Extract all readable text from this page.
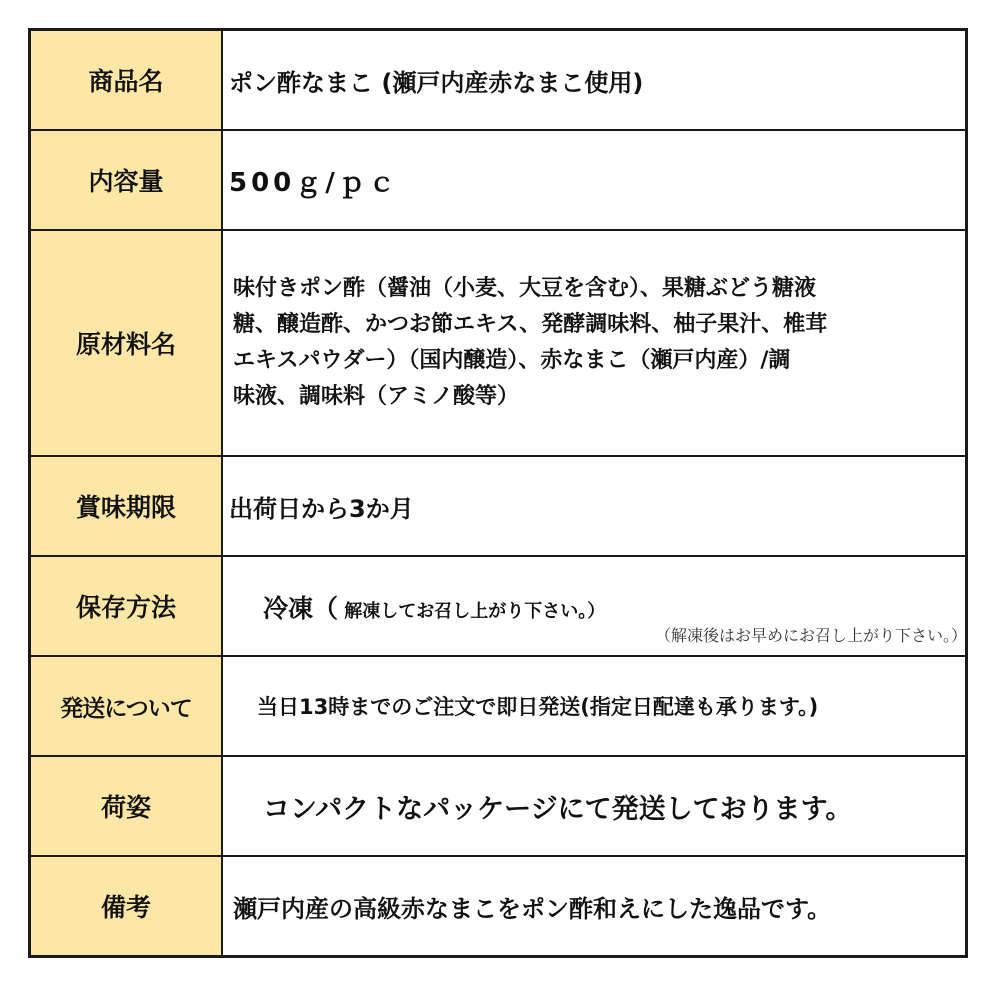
商品名	ポン酢なまこ (瀬戸内産赤なまこ使用)
内容量	500ｇ/ｐｃ
原材料名	味付きポン酢（醤油（小麦、大豆を含む）、果糖ぶどう糖液
糖、醸造酢、かつお節エキス、発酵調味料、柚子果汁、椎茸
エキスパウダー）（国内醸造）、赤なまこ（瀬戸内産）/調
味液、調味料（アミノ酸等）

賞味期限	出荷日から3か月
保存方法	冷凍（ 解凍してお召し上がり下さい。）
（解凍後はお早めにお召し上がり下さい。）

発送について	当日13時までのご注文で即日発送(指定日配達も承ります。)
荷姿	コンパクトなパッケージにて発送しております。
備考	瀬戸内産の高級赤なまこをポン酢和えにした逸品です。
